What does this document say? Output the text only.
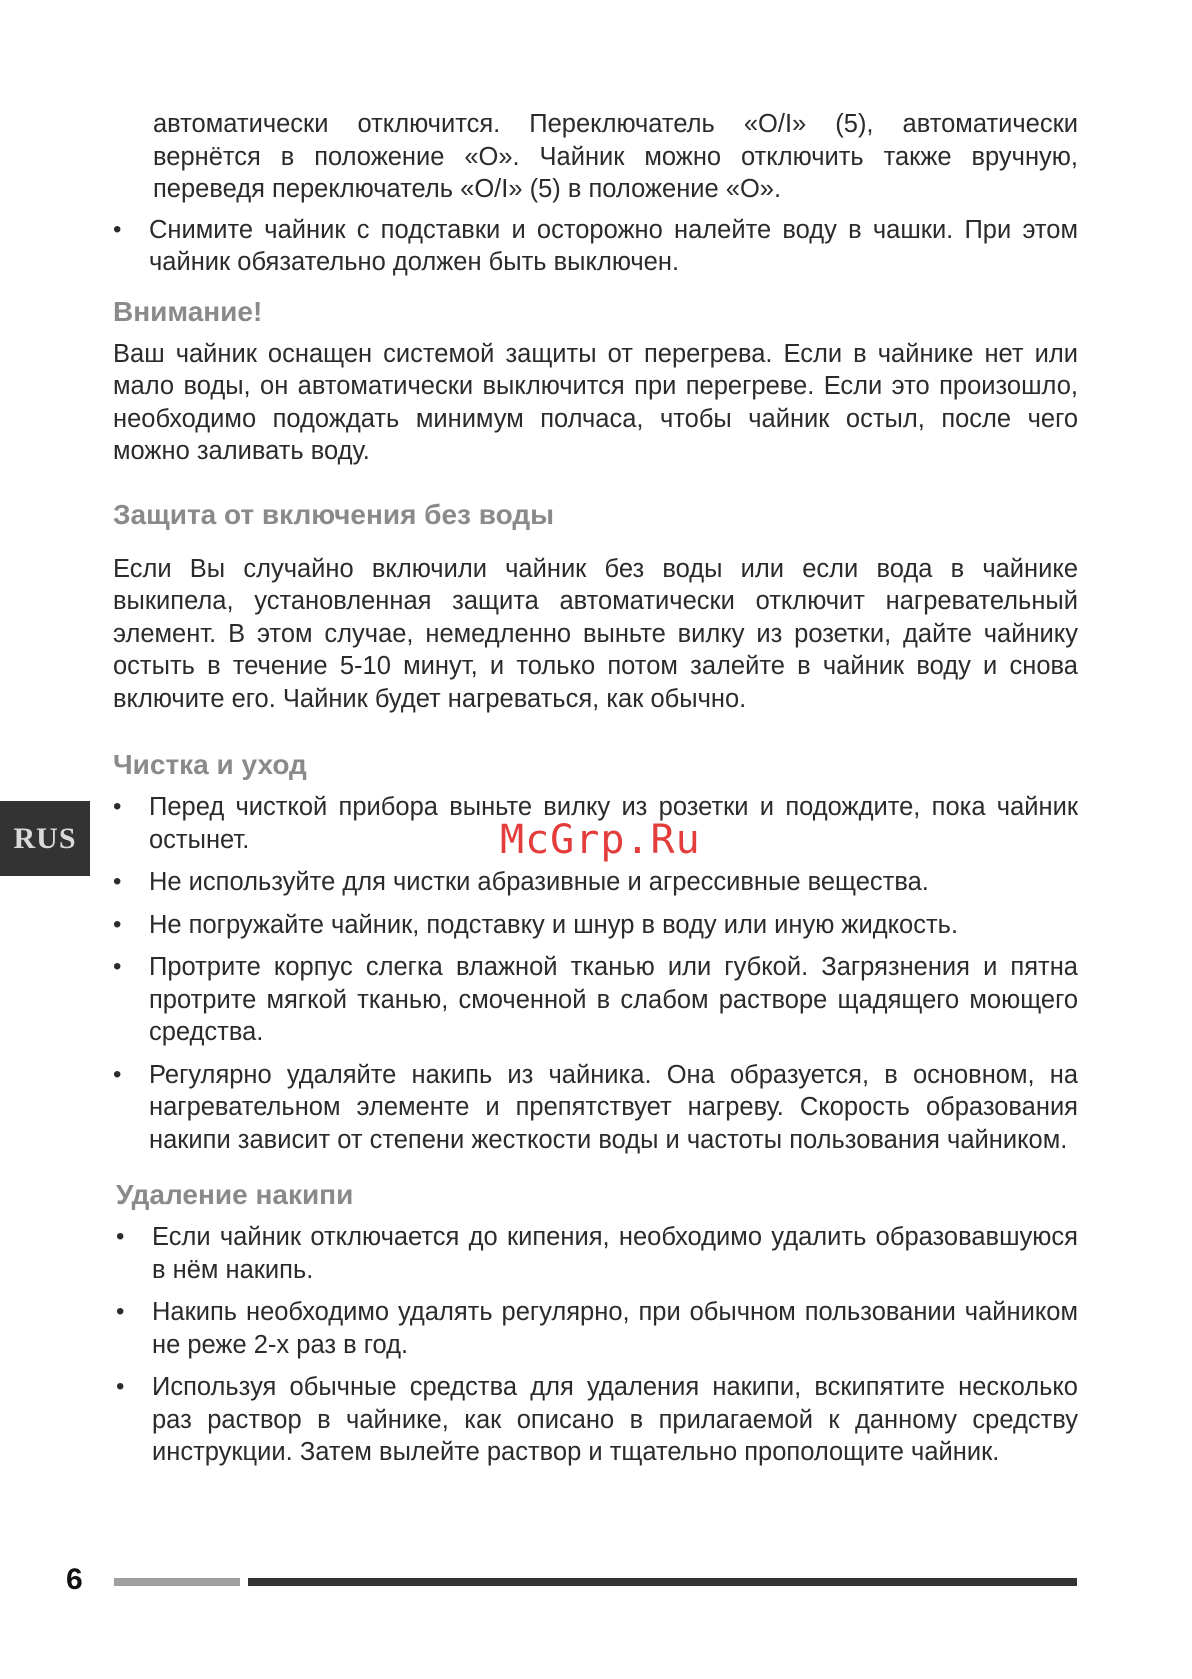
автоматически отключится. Переключатель «O/I» (5), автоматически вернётся в положение «O». Чайник можно отключить также вручную, переведя переключатель «O/I» (5) в положение «O».

•	Снимите чайник с подставки и осторожно налейте воду в чашки. При этом чайник обязательно должен быть выключен.
Внимание!

Ваш чайник оснащен системой защиты от перегрева. Если в чайнике нет или мало воды, он автоматически выключится при перегреве. Если это произошло, необходимо подождать минимум полчаса, чтобы чайник остыл, после чего можно заливать воду.

Защита от включения без воды

Если Вы случайно включили чайник без воды или если вода в чайнике выкипела, установленная защита автоматически отключит нагревательный элемент. В этом случае, немедленно выньте вилку из розетки, дайте чайнику остыть в течение 5-10 минут, и только потом залейте в чайник воду и снова включите его. Чайник будет нагреваться, как обычно.

Чистка и уход
•	Перед чисткой прибора выньте вилку из розетки и подождите, пока чайник остынет.
•	Не используйте для чистки абразивные и агрессивные вещества.
•	Не погружайте чайник, подставку и шнур в воду или иную жидкость.
•	Протрите корпус слегка влажной тканью или губкой. Загрязнения и пятна протрите мягкой тканью, смоченной в слабом растворе щадящего моющего средства.
•	Регулярно удаляйте накипь из чайника. Она образуется, в основном, на нагревательном элементе и препятствует нагреву. Скорость образования накипи зависит от степени жесткости воды и частоты пользования чайником.
Удаление накипи
•	Если чайник отключается до кипения, необходимо удалить образовавшуюся в нём накипь.
•	Накипь необходимо удалять регулярно, при обычном пользовании чайником не реже 2-х раз в год.
•	Используя обычные средства для удаления накипи, вскипятите несколько раз раствор в чайнике, как описано в прилагаемой к данному средству инструкции. Затем вылейте раствор и тщательно прополощите чайник.
RUS	McGrp.Ru
6
